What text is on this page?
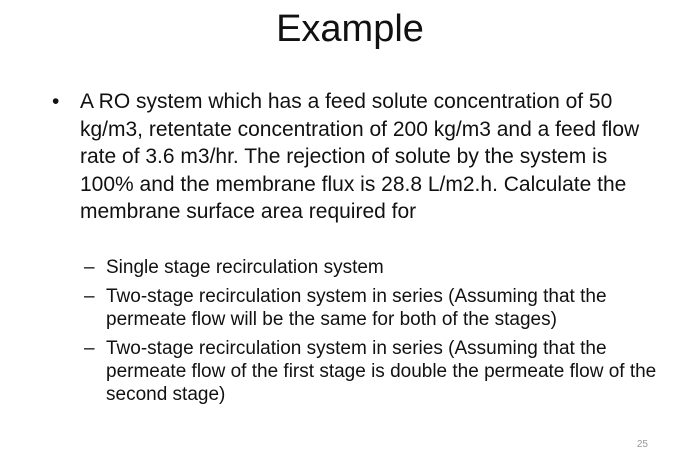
Example
• A RO system which has a feed solute concentration of 50 kg/m3, retentate concentration of 200 kg/m3 and a feed flow rate of 3.6 m3/hr. The rejection of solute by the system is 100% and the membrane flux is 28.8 L/m2.h. Calculate the membrane surface area required for
– Single stage recirculation system
– Two-stage recirculation system in series (Assuming that the permeate flow will be the same for both of the stages)
– Two-stage recirculation system in series (Assuming that the permeate flow of the first stage is double the permeate flow of the second stage)
25
